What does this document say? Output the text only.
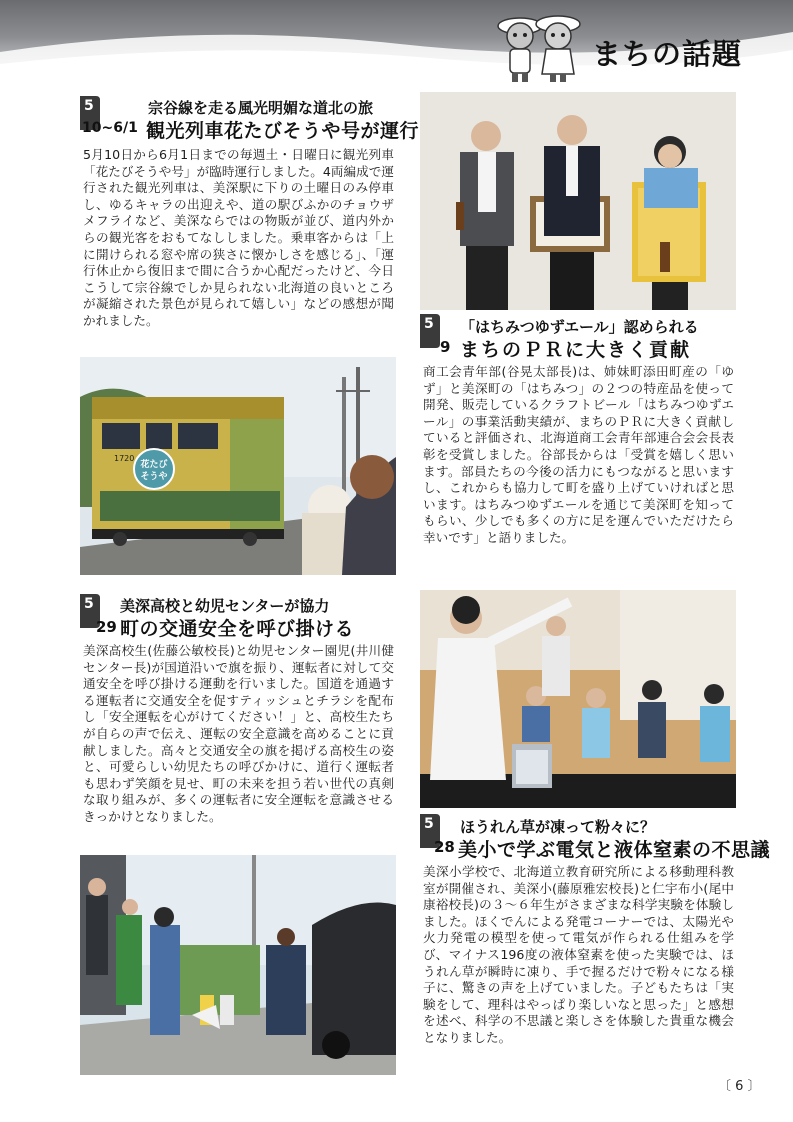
まちの話題
5
10~6/1
宗谷線を走る風光明媚な道北の旅
観光列車花たびそうや号が運行
5月10日から6月1日までの毎週土・日曜日に観光列車「花たびそうや号」が臨時運行しました。4両編成で運行された観光列車は、美深駅に下りの土曜日のみ停車し、ゆるキャラの出迎えや、道の駅びふかのチョウザメフライなど、美深ならではの物販が並び、道内外からの観光客をおもてなししました。乗車客からは「上に開けられる窓や席の狭さに懐かしさを感じる」、「運行休止から復旧まで間に合うか心配だったけど、今日こうして宗谷線でしか見られない北海道の良いところが凝縮された景色が見られて嬉しい」などの感想が聞かれました。
花たび
そうや
1720
5
29
美深高校と幼児センターが協力
町の交通安全を呼び掛ける
美深高校生(佐藤公敏校長)と幼児センター園児(井川健センター長)が国道沿いで旗を振り、運転者に対して交通安全を呼び掛ける運動を行いました。国道を通過する運転者に交通安全を促すティッシュとチラシを配布し「安全運転を心がけてください！」と、高校生たちが自らの声で伝え、運転の安全意識を高めることに貢献しました。高々と交通安全の旗を掲げる高校生の姿と、可愛らしい幼児たちの呼びかけに、道行く運転者も思わず笑顔を見せ、町の未来を担う若い世代の真剣な取り組みが、多くの運転者に安全運転を意識させるきっかけとなりました。
5
9
「はちみつゆずエール」認められる
まちのＰＲに大きく貢献
商工会青年部(谷晃太部長)は、姉妹町添田町産の「ゆず」と美深町の「はちみつ」の２つの特産品を使って開発、販売しているクラフトビール「はちみつゆずエール」の事業活動実績が、まちのＰＲに大きく貢献していると評価され、北海道商工会青年部連合会会長表彰を受賞しました。谷部長からは「受賞を嬉しく思います。部員たちの今後の活力にもつながると思いますし、これからも協力して町を盛り上げていければと思います。はちみつゆずエールを通じて美深町を知ってもらい、少しでも多くの方に足を運んでいただけたら幸いです」と語りました。
5
28
ほうれん草が凍って粉々に？
美小で学ぶ電気と液体窒素の不思議
美深小学校で、北海道立教育研究所による移動理科教室が開催され、美深小(藤原雅宏校長)と仁宇布小(尾中康裕校長)の３～６年生がさまざまな科学実験を体験しました。ほくでんによる発電コーナーでは、太陽光や火力発電の模型を使って電気が作られる仕組みを学び、マイナス196度の液体窒素を使った実験では、ほうれん草が瞬時に凍り、手で握るだけで粉々になる様子に、驚きの声を上げていました。子どもたちは「実験をして、理科はやっぱり楽しいなと思った」と感想を述べ、科学の不思議と楽しさを体験した貴重な機会となりました。
〔 6 〕
